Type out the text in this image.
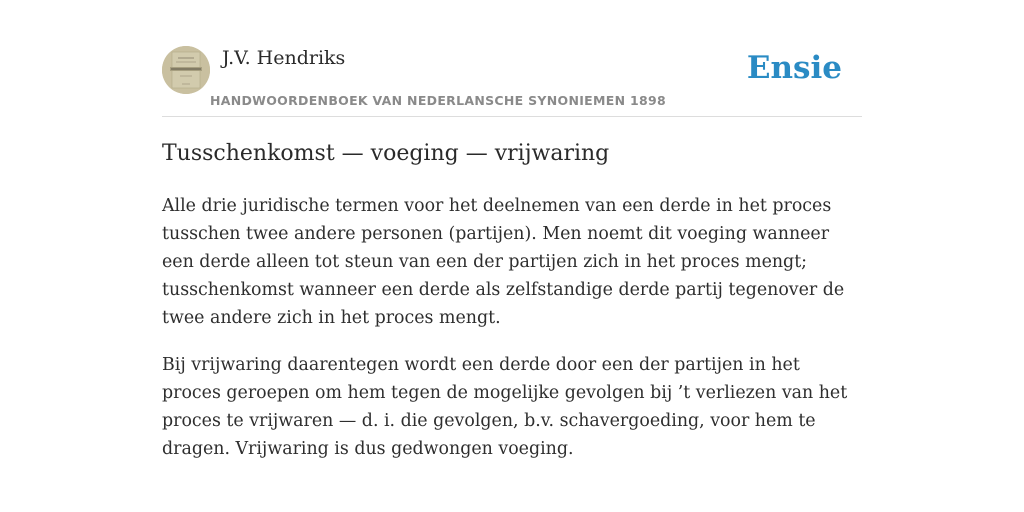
J.V. Hendriks
HANDWOORDENBOEK VAN NEDERLANSCHE SYNONIEMEN 1898
Ensie
Tusschenkomst — voeging — vrijwaring

Alle drie juridische termen voor het deelnemen van een derde in het proces tusschen twee andere personen (partijen). Men noemt dit voeging wanneer een derde alleen tot steun van een der partijen zich in het proces mengt; tusschenkomst wanneer een derde als zelfstandige derde partij tegenover de twee andere zich in het proces mengt.

Bij vrijwaring daarentegen wordt een derde door een der partijen in het proces geroepen om hem tegen de mogelijke gevolgen bij ’t verliezen van het proces te vrijwaren — d. i. die gevolgen, b.v. schavergoeding, voor hem te dragen. Vrijwaring is dus gedwongen voeging.
